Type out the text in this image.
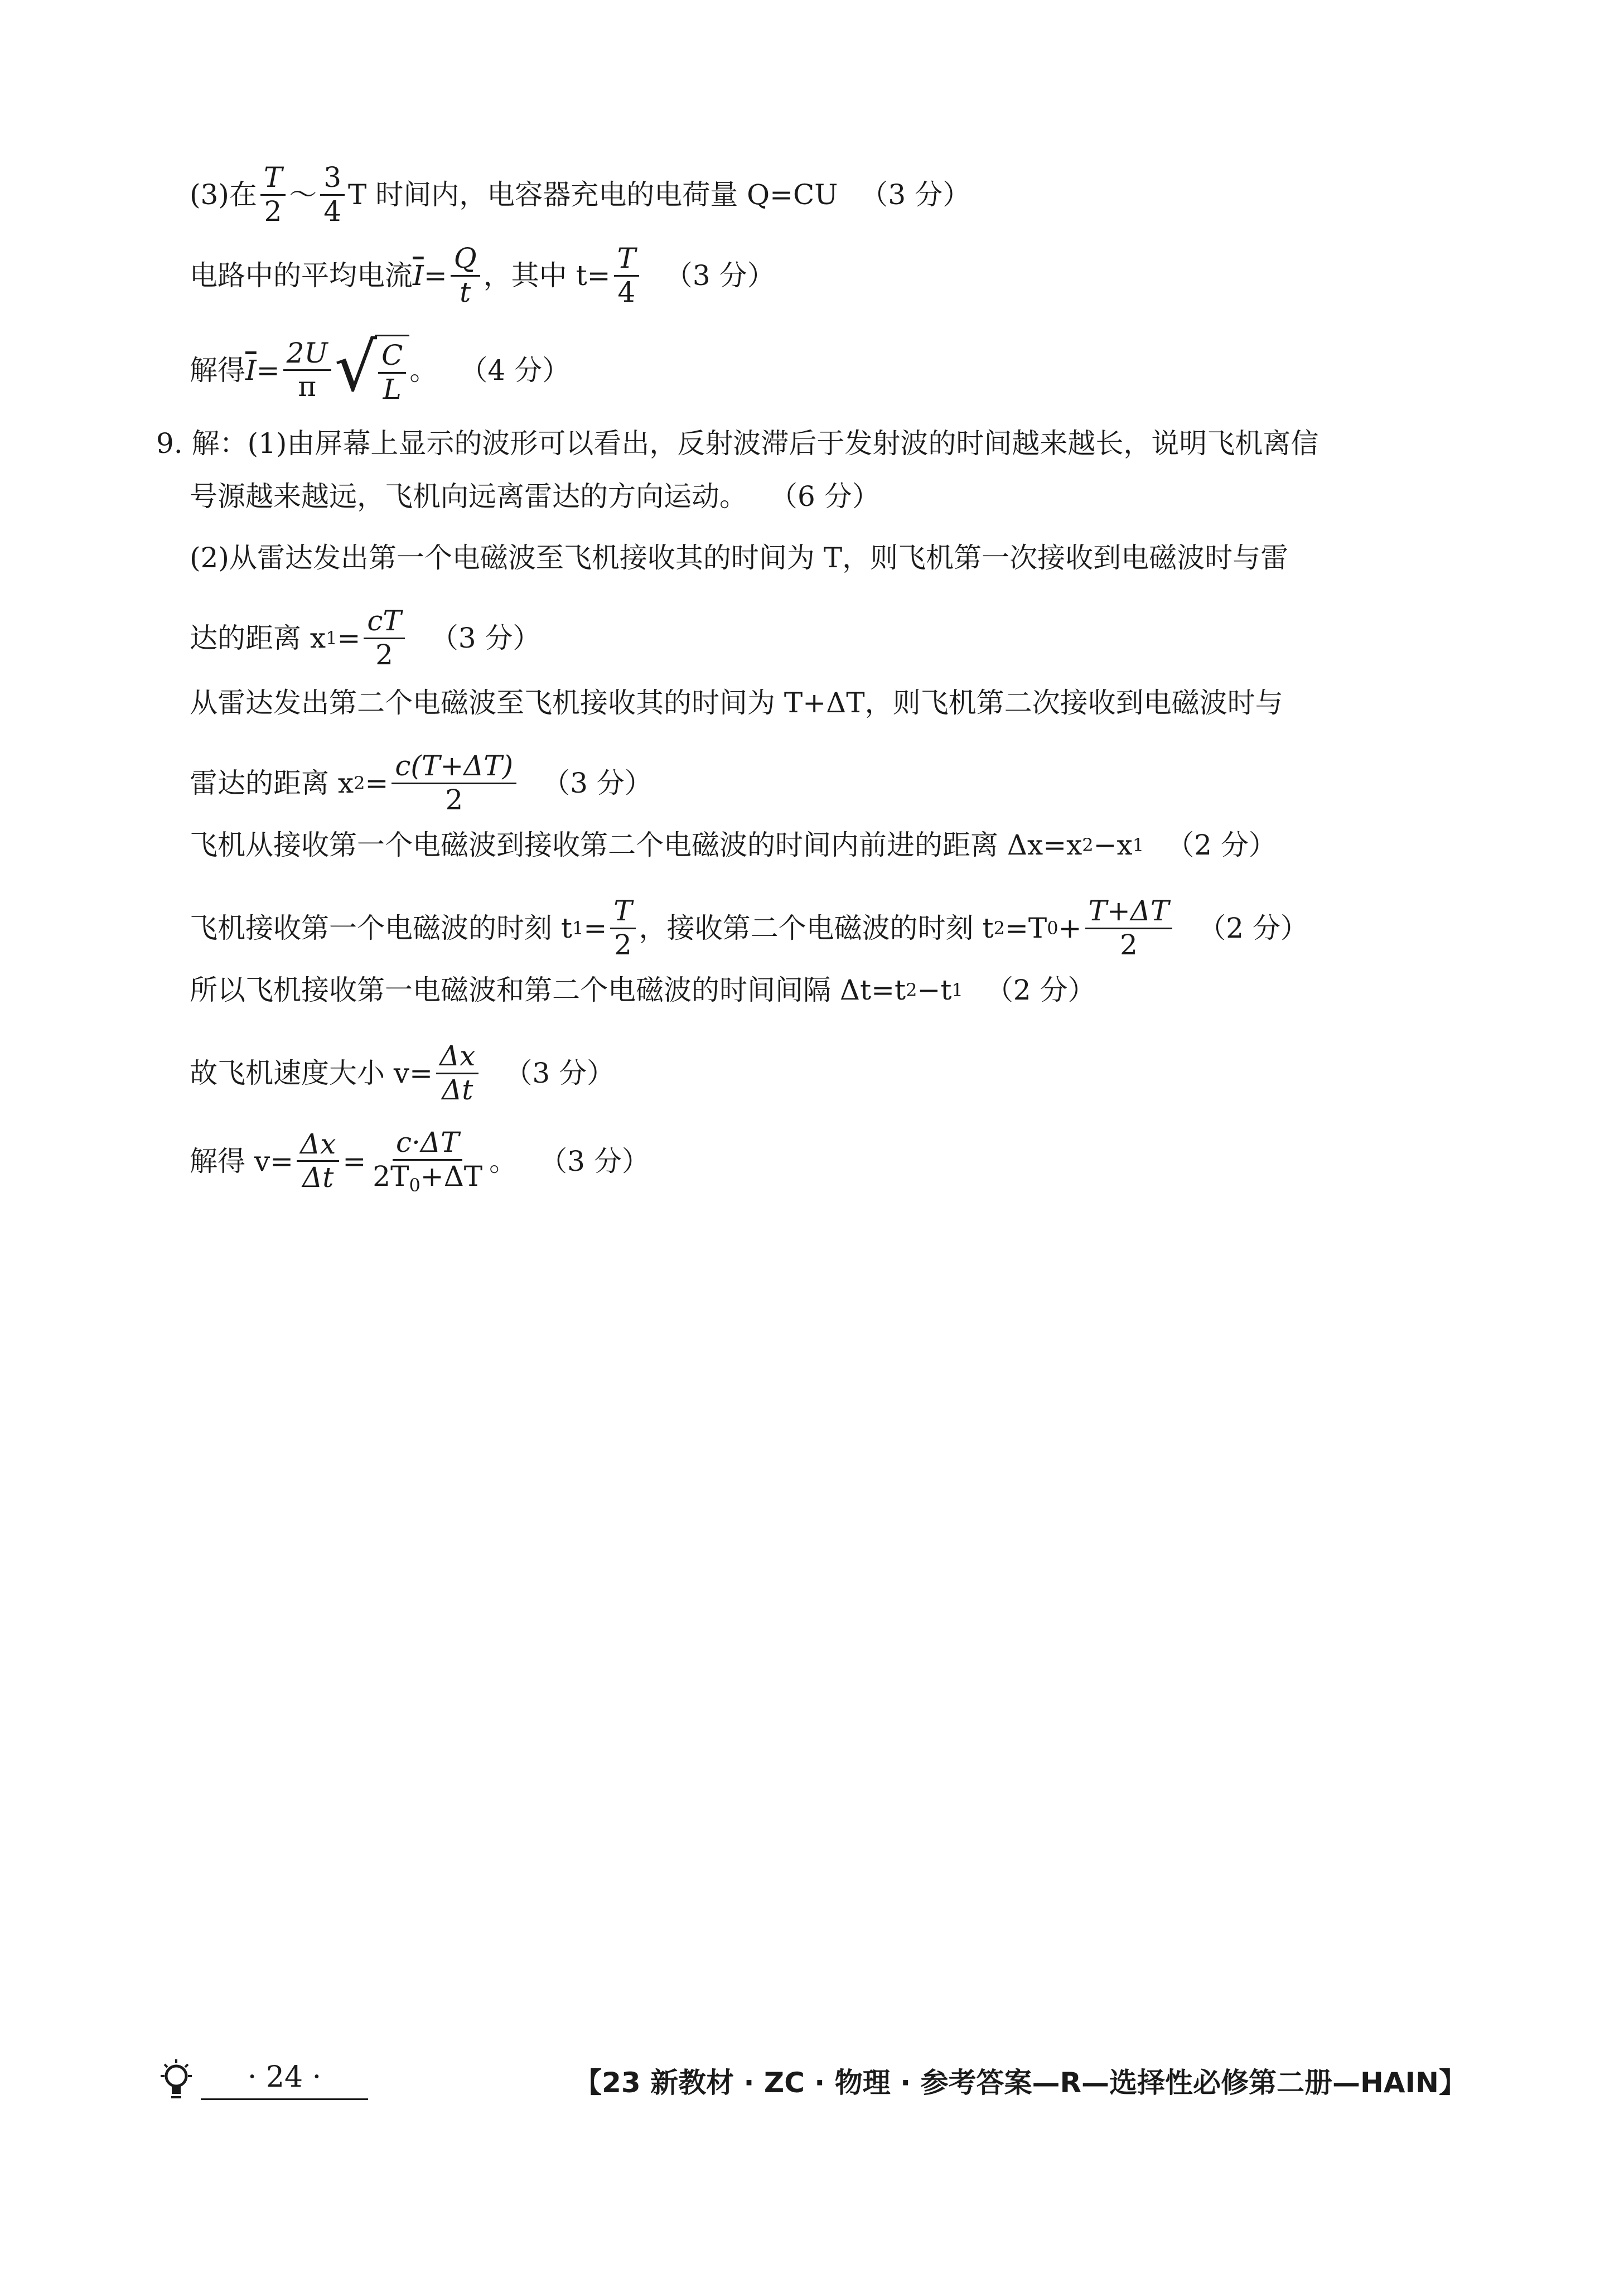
(3)在 $\frac{T}{2}$ ～ $\frac{3}{4}$ T 时间内，电容器充电的电荷量 Q=CU （3 分）
电路中的平均电流 $\overline{I} = \frac{Q}{t}$ ，其中 $t= \frac{T}{4} (3$ 分）
解得 $\overline{I} = \frac{2U}{\pi}$ √ $\frac{C}{L}$ 。 （4 分）
9. 解：(1)由屏幕上显示的波形可以看出，反射波滞后于发射波的时间越来越长，说明飞机离信
号源越来越远，飞机向远离雷达的方向运动。 （6 分）
(2)从雷达发出第一个电磁波至飞机接收其的时间为 T，则飞机第一次接收到电磁波时与雷
达的距离 x $1 = \frac{cT}{2} (3$ 分）
从雷达发出第二个电磁波至飞机接收其的时间为 T+ΔT，则飞机第二次接收到电磁波时与
雷达的距离 x $2 = \frac{c(T+\Delta T)}{2} (3$ 分）
飞机从接收第一个电磁波到接收第二个电磁波的时间内前进的距离 Δx=x 2 −x 1 （2 分）
飞机接收第一个电磁波的时刻 t $1 = \frac{T}{2}$ ，接收第二个电磁波的时刻 t 2 =T $0 + \frac{T+\Delta T}{2} (2$ 分）
所以飞机接收第一电磁波和第二个电磁波的时间间隔 Δt=t 2 −t 1 （2 分）
故飞机速度大小 $v= \frac{\Delta x}{\Delta t} (3$ 分）
解得 $v= \frac{\Delta x}{\Delta t} = \frac{c\cdot\Delta T}{2T_0+\Delta T}$ 。 （3 分）
· 24 ·	【23 新教材 · ZC · 物理 · 参考答案—R—选择性必修第二册—HAIN】
